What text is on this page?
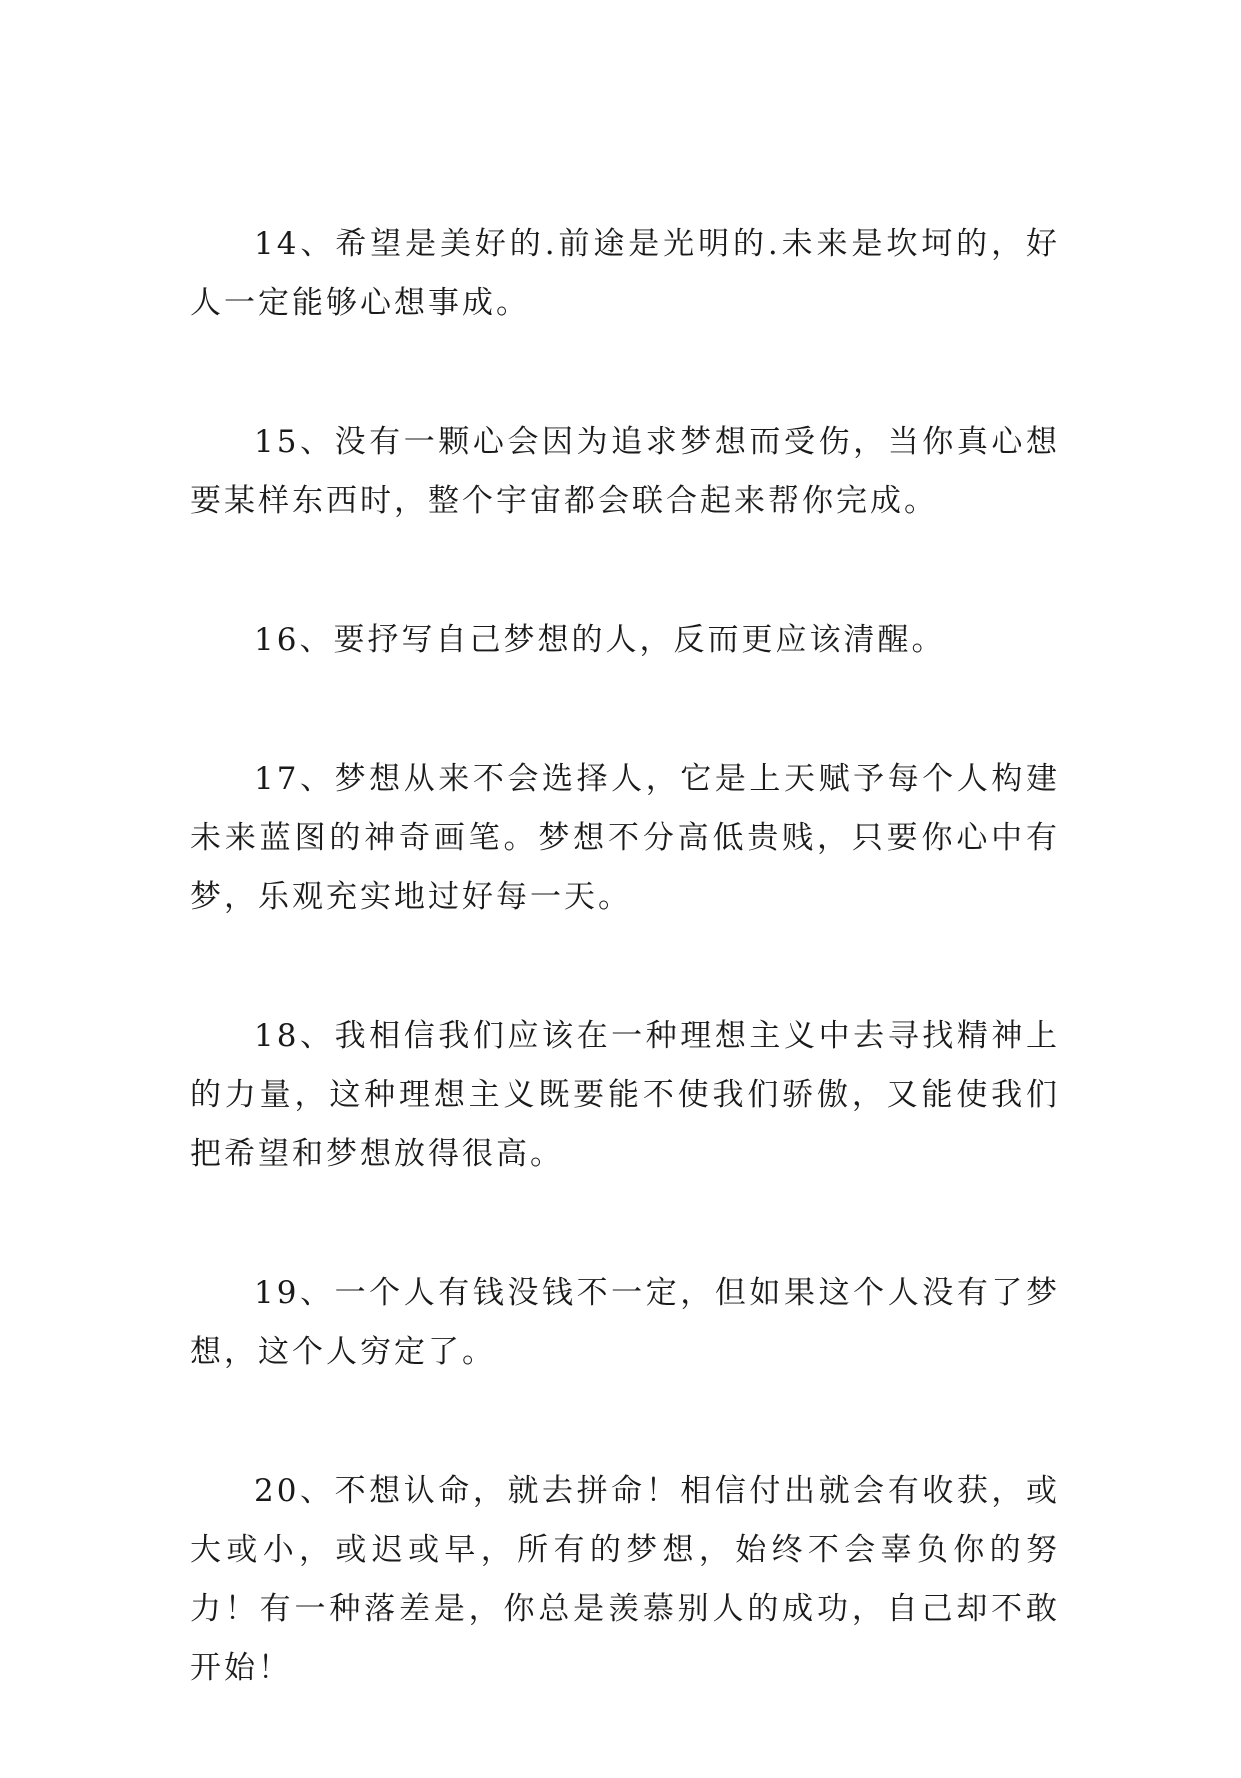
14、希望是美好的.前途是光明的.未来是坎坷的，好人一定能够心想事成。

15、没有一颗心会因为追求梦想而受伤，当你真心想要某样东西时，整个宇宙都会联合起来帮你完成。

16、要抒写自己梦想的人，反而更应该清醒。

17、梦想从来不会选择人，它是上天赋予每个人构建未来蓝图的神奇画笔。梦想不分高低贵贱，只要你心中有梦，乐观充实地过好每一天。

18、我相信我们应该在一种理想主义中去寻找精神上的力量，这种理想主义既要能不使我们骄傲，又能使我们把希望和梦想放得很高。

19、一个人有钱没钱不一定，但如果这个人没有了梦想，这个人穷定了。

20、不想认命，就去拼命！相信付出就会有收获，或大或小，或迟或早，所有的梦想，始终不会辜负你的努力！有一种落差是，你总是羡慕别人的成功，自己却不敢开始！
